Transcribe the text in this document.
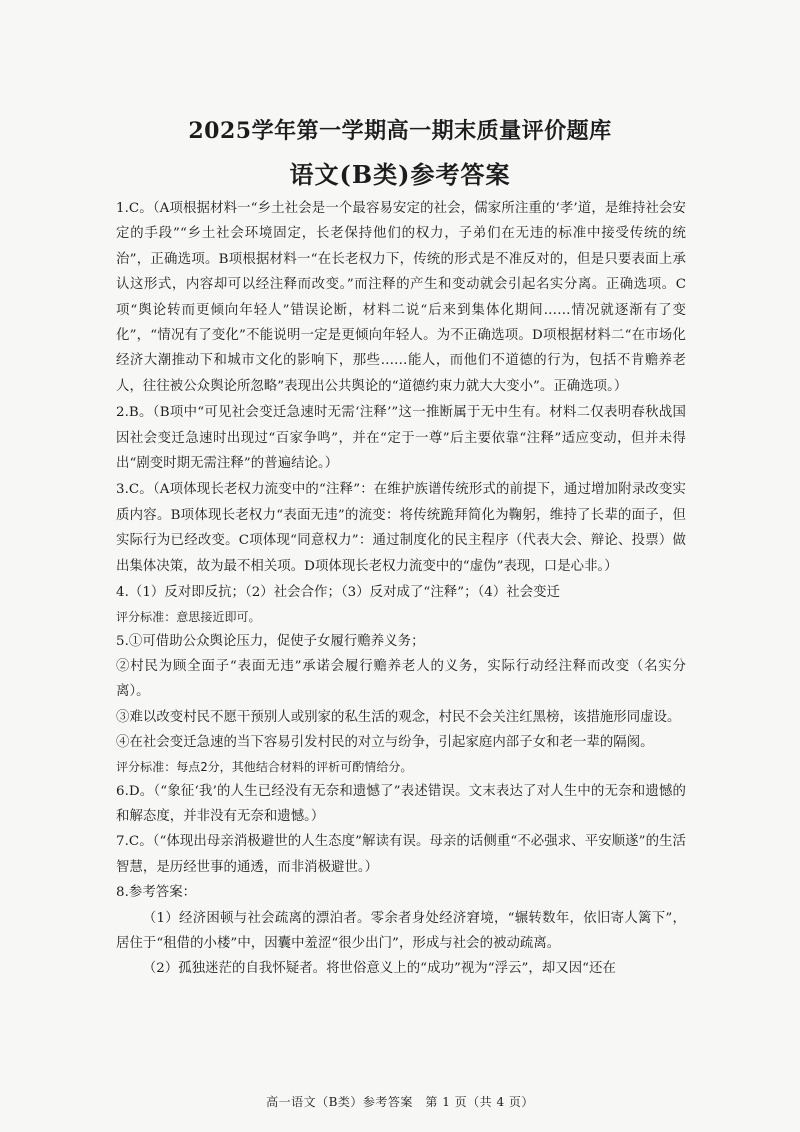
2025学年第一学期高一期末质量评价题库
语文(B类)参考答案

1.C。（A项根据材料一“乡土社会是一个最容易安定的社会，儒家所注重的‘孝’道，是维持社会安定的手段”“乡土社会环境固定，长老保持他们的权力，子弟们在无违的标准中接受传统的统治”，正确选项。B项根据材料一“在长老权力下，传统的形式是不准反对的，但是只要表面上承认这形式，内容却可以经注释而改变。”而注释的产生和变动就会引起名实分离。正确选项。C项“舆论转而更倾向年轻人”错误论断，材料二说“后来到集体化期间……情况就逐渐有了变化”，“情况有了变化”不能说明一定是更倾向年轻人。为不正确选项。D项根据材料二“在市场化经济大潮推动下和城市文化的影响下，那些……能人，而他们不道德的行为，包括不肯赡养老人，往往被公众舆论所忽略”表现出公共舆论的“道德约束力就大大变小”。正确选项。）

2.B。（B项中“可见社会变迁急速时无需‘注释’”这一推断属于无中生有。材料二仅表明春秋战国因社会变迁急速时出现过“百家争鸣”，并在“定于一尊”后主要依靠“注释”适应变动，但并未得出“剧变时期无需注释”的普遍结论。）

3.C。（A项体现长老权力流变中的“注释”：在维护族谱传统形式的前提下，通过增加附录改变实质内容。B项体现长老权力“表面无违”的流变：将传统跪拜简化为鞠躬，维持了长辈的面子，但实际行为已经改变。C项体现“同意权力”：通过制度化的民主程序（代表大会、辩论、投票）做出集体决策，故为最不相关项。D项体现长老权力流变中的“虚伪”表现，口是心非。）

4.（1）反对即反抗；（2）社会合作；（3）反对成了“注释”；（4）社会变迁

评分标准：意思接近即可。

5.①可借助公众舆论压力，促使子女履行赡养义务；

②村民为顾全面子“表面无违”承诺会履行赡养老人的义务，实际行动经注释而改变（名实分离）。

③难以改变村民不愿干预别人或别家的私生活的观念，村民不会关注红黑榜，该措施形同虚设。

④在社会变迁急速的当下容易引发村民的对立与纷争，引起家庭内部子女和老一辈的隔阂。

评分标准：每点2分，其他结合材料的评析可酌情给分。

6.D。（“象征‘我’的人生已经没有无奈和遗憾了”表述错误。文末表达了对人生中的无奈和遗憾的和解态度，并非没有无奈和遗憾。）

7.C。（“体现出母亲消极避世的人生态度”解读有误。母亲的话侧重“不必强求、平安顺遂”的生活智慧，是历经世事的通透，而非消极避世。）

8.参考答案：

（1）经济困顿与社会疏离的漂泊者。零余者身处经济窘境，“辗转数年，依旧寄人篱下”，居住于“租借的小楼”中，因囊中羞涩“很少出门”，形成与社会的被动疏离。

（2）孤独迷茫的自我怀疑者。将世俗意义上的“成功”视为“浮云”，却又因“还在

高一语文（B类）参考答案　第 1 页（共 4 页）
